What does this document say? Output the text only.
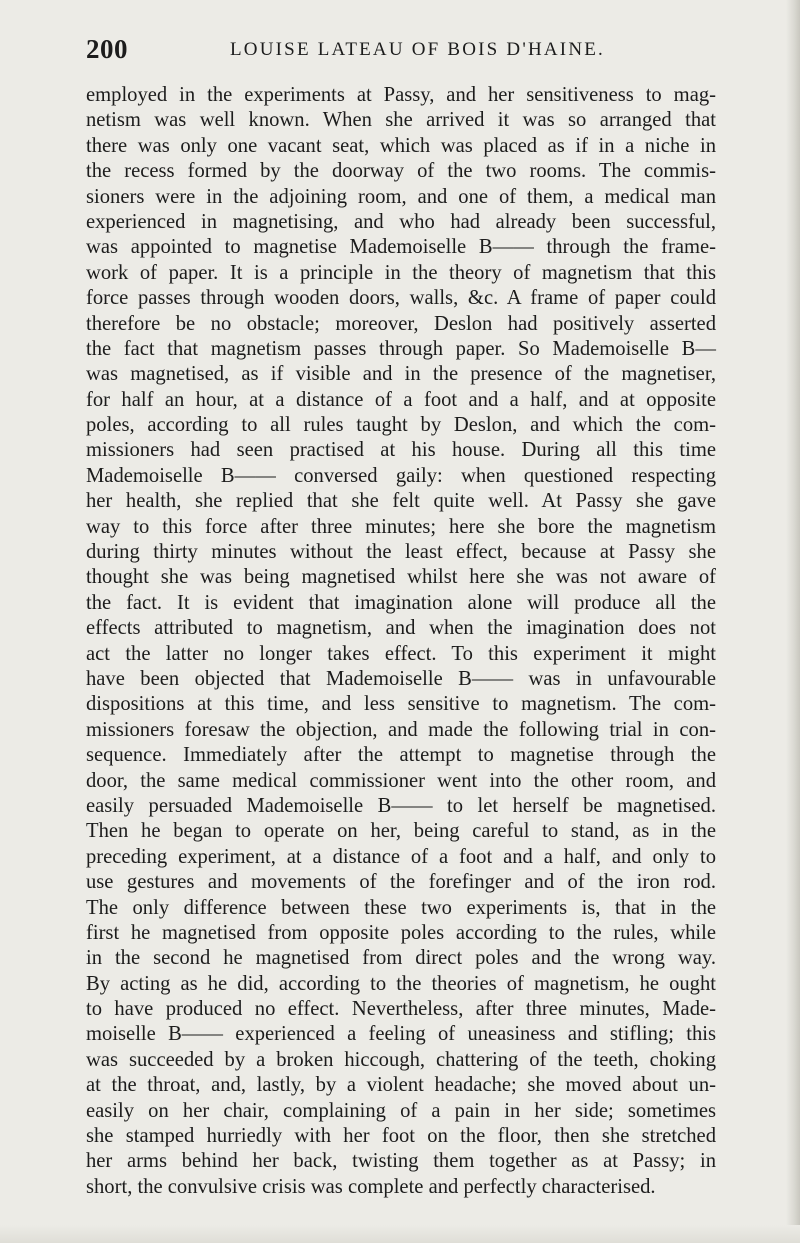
200	LOUISE LATEAU OF BOIS D'HAINE.
employed in the experiments at Passy, and her sensitiveness to mag-
netism was well known. When she arrived it was so arranged that
there was only one vacant seat, which was placed as if in a niche in
the recess formed by the doorway of the two rooms. The commis-
sioners were in the adjoining room, and one of them, a medical man
experienced in magnetising, and who had already been successful,
was appointed to magnetise Mademoiselle B—— through the frame-
work of paper. It is a principle in the theory of magnetism that this
force passes through wooden doors, walls, &c. A frame of paper could
therefore be no obstacle; moreover, Deslon had positively asserted
the fact that magnetism passes through paper. So Mademoiselle B—
was magnetised, as if visible and in the presence of the magnetiser,
for half an hour, at a distance of a foot and a half, and at opposite
poles, according to all rules taught by Deslon, and which the com-
missioners had seen practised at his house. During all this time
Mademoiselle B—— conversed gaily: when questioned respecting
her health, she replied that she felt quite well. At Passy she gave
way to this force after three minutes; here she bore the magnetism
during thirty minutes without the least effect, because at Passy she
thought she was being magnetised whilst here she was not aware of
the fact. It is evident that imagination alone will produce all the
effects attributed to magnetism, and when the imagination does not
act the latter no longer takes effect. To this experiment it might
have been objected that Mademoiselle B—— was in unfavourable
dispositions at this time, and less sensitive to magnetism. The com-
missioners foresaw the objection, and made the following trial in con-
sequence. Immediately after the attempt to magnetise through the
door, the same medical commissioner went into the other room, and
easily persuaded Mademoiselle B—— to let herself be magnetised.
Then he began to operate on her, being careful to stand, as in the
preceding experiment, at a distance of a foot and a half, and only to
use gestures and movements of the forefinger and of the iron rod.
The only difference between these two experiments is, that in the
first he magnetised from opposite poles according to the rules, while
in the second he magnetised from direct poles and the wrong way.
By acting as he did, according to the theories of magnetism, he ought
to have produced no effect. Nevertheless, after three minutes, Made-
moiselle B—— experienced a feeling of uneasiness and stifling; this
was succeeded by a broken hiccough, chattering of the teeth, choking
at the throat, and, lastly, by a violent headache; she moved about un-
easily on her chair, complaining of a pain in her side; sometimes
she stamped hurriedly with her foot on the floor, then she stretched
her arms behind her back, twisting them together as at Passy; in
short, the convulsive crisis was complete and perfectly characterised.
